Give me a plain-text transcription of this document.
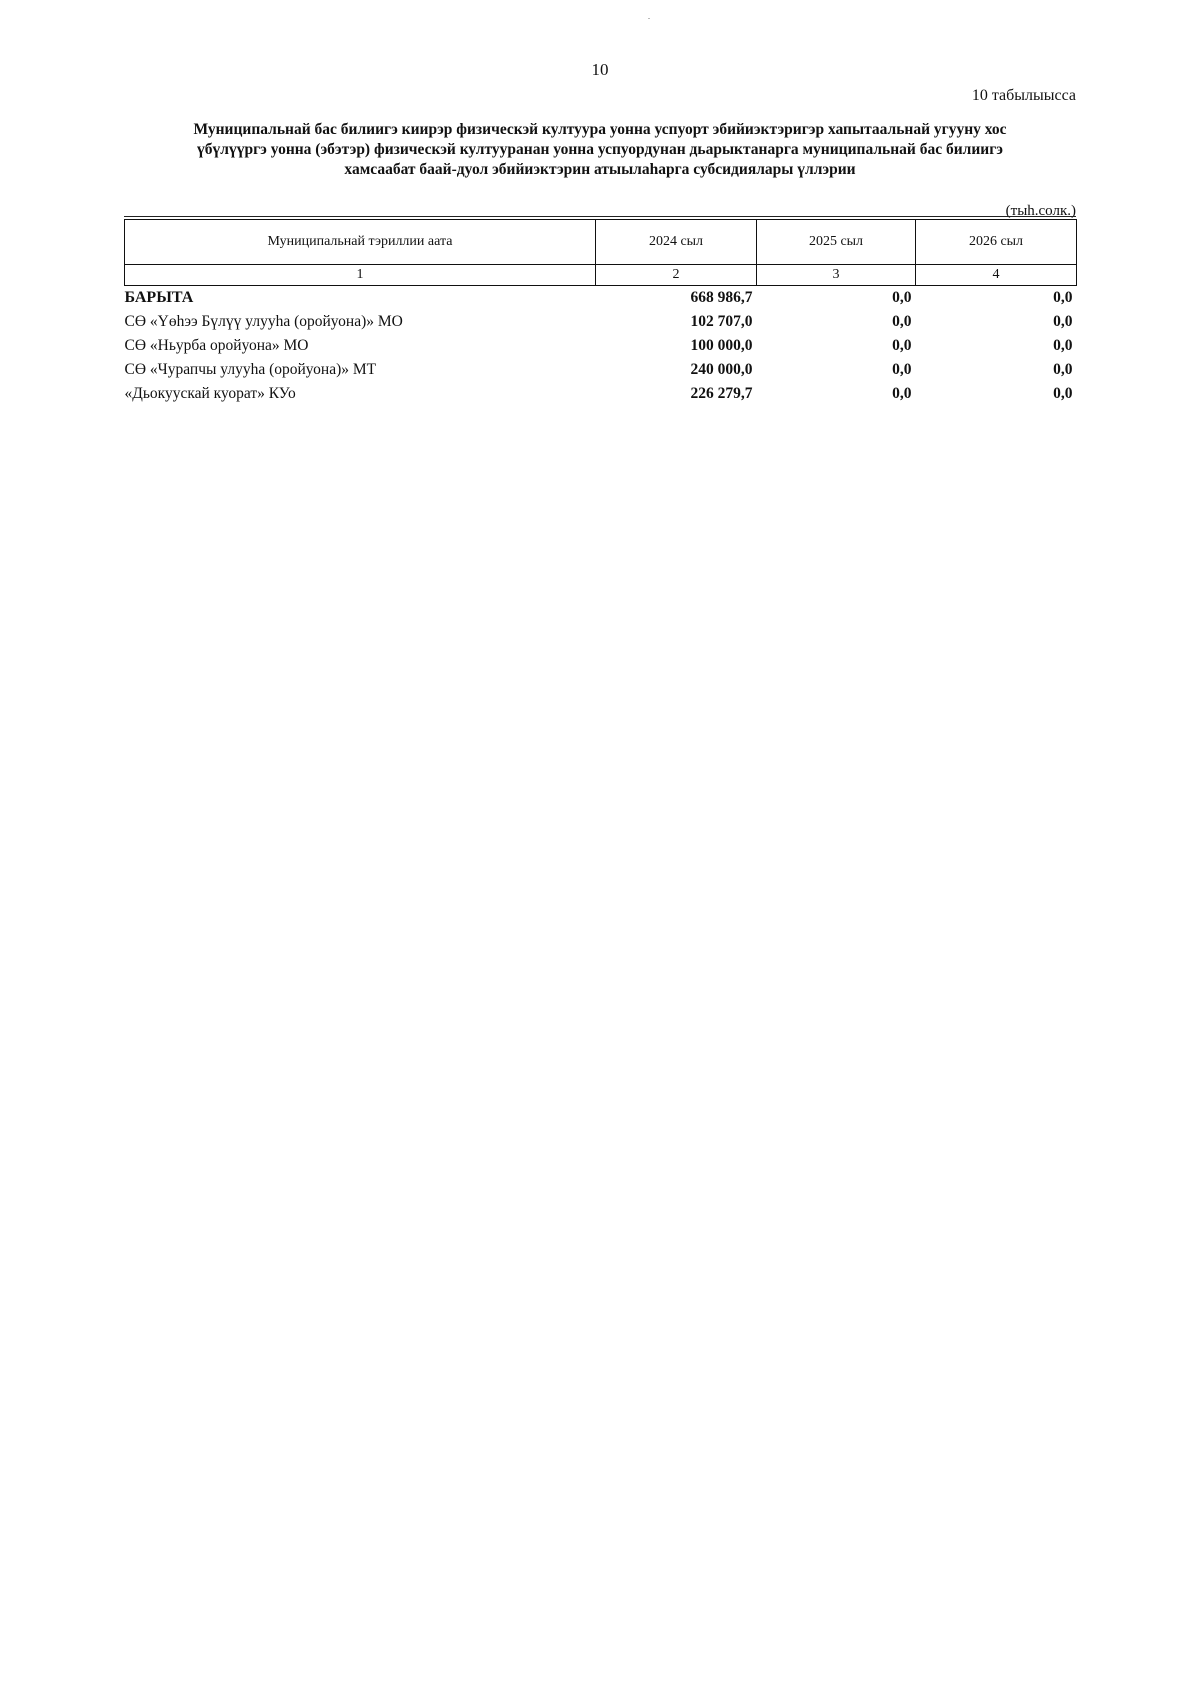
10
10 табылыысса
Муниципальнай бас билиигэ киирэр физическэй култуура уонна успуорт эбийиэктэригэр хапытаальнай угууну хос
үбүлүүргэ уонна (эбэтэр) физическэй култууранан уонна успуордунан дьарыктанарга муниципальнай бас билиигэ
хамсаабат баай-дуол эбийиэктэрин атыылаһарга субсидиялары үллэрии
(тыһ.солк.)
Муниципальнай тэриллии аата	2024 сыл	2025 сыл	2026 сыл
1	2	3	4
БАРЫТА	668 986,7	0,0	0,0
СӨ «Үөһээ Бүлүү улууһа (оройуона)» МО	102 707,0	0,0	0,0
СӨ «Ньурба оройуона» МО	100 000,0	0,0	0,0
СӨ «Чурапчы улууһа (оройуона)» МТ	240 000,0	0,0	0,0
«Дьокуускай куорат» КУо	226 279,7	0,0	0,0
